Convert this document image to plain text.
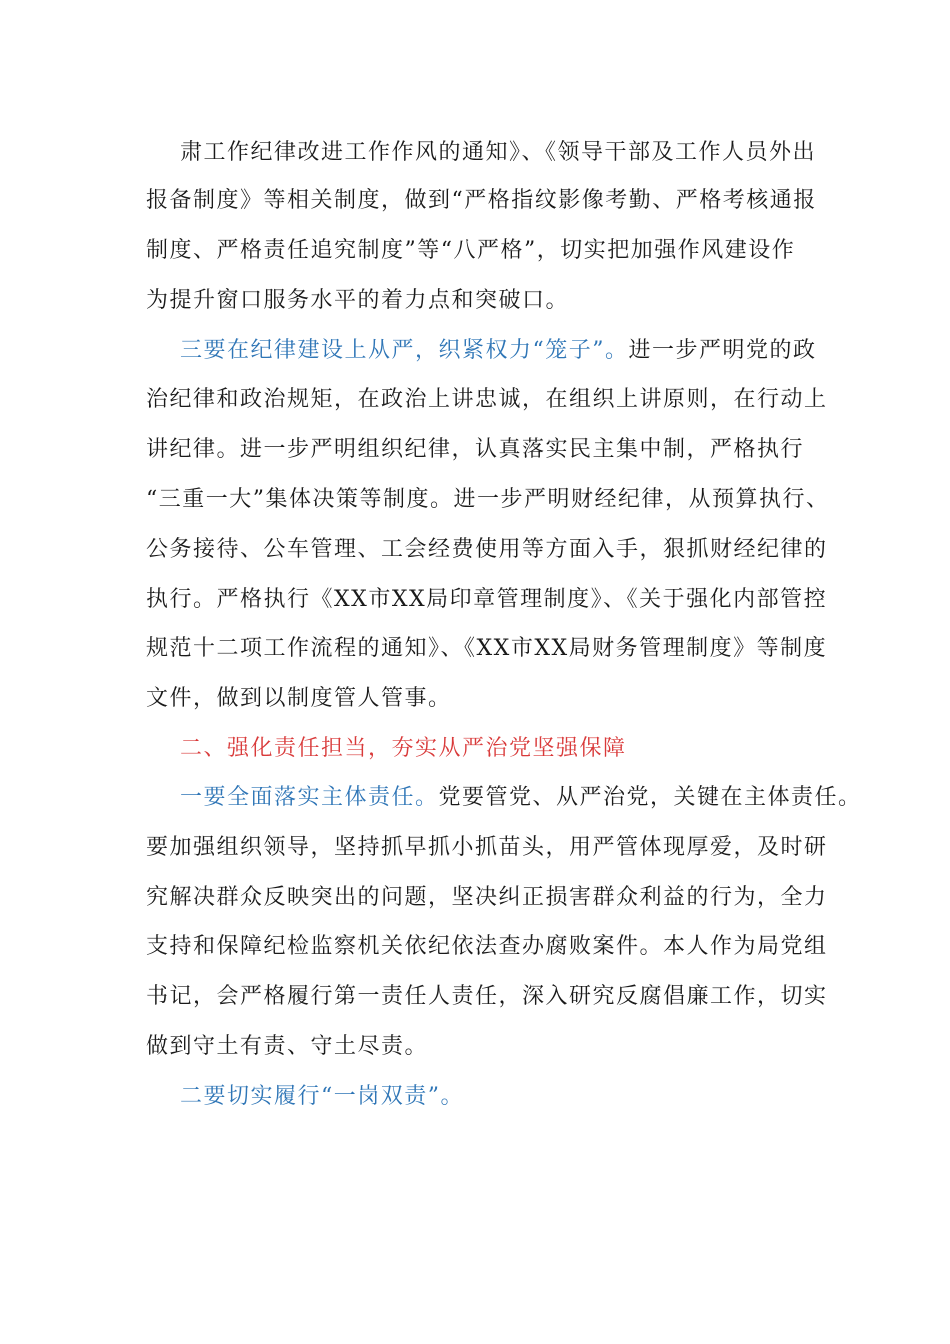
肃工作纪律改进工作作风的通知》、《领导干部及工作人员外出
报备制度》等相关制度，做到“严格指纹影像考勤、严格考核通报
制度、严格责任追究制度”等“八严格”，切实把加强作风建设作
为提升窗口服务水平的着力点和突破口。
三要在纪律建设上从严，织紧权力“笼子”。进一步严明党的政
治纪律和政治规矩，在政治上讲忠诚，在组织上讲原则，在行动上
讲纪律。进一步严明组织纪律，认真落实民主集中制，严格执行
“三重一大”集体决策等制度。进一步严明财经纪律，从预算执行、
公务接待、公车管理、工会经费使用等方面入手，狠抓财经纪律的
执行。严格执行《XX市XX局印章管理制度》、《关于强化内部管控
规范十二项工作流程的通知》、《XX市XX局财务管理制度》等制度
文件，做到以制度管人管事。
二、强化责任担当，夯实从严治党坚强保障
一要全面落实主体责任。党要管党、从严治党，关键在主体责任。
要加强组织领导，坚持抓早抓小抓苗头，用严管体现厚爱，及时研
究解决群众反映突出的问题，坚决纠正损害群众利益的行为，全力
支持和保障纪检监察机关依纪依法查办腐败案件。本人作为局党组
书记，会严格履行第一责任人责任，深入研究反腐倡廉工作，切实
做到守土有责、守土尽责。
二要切实履行“一岗双责”。
